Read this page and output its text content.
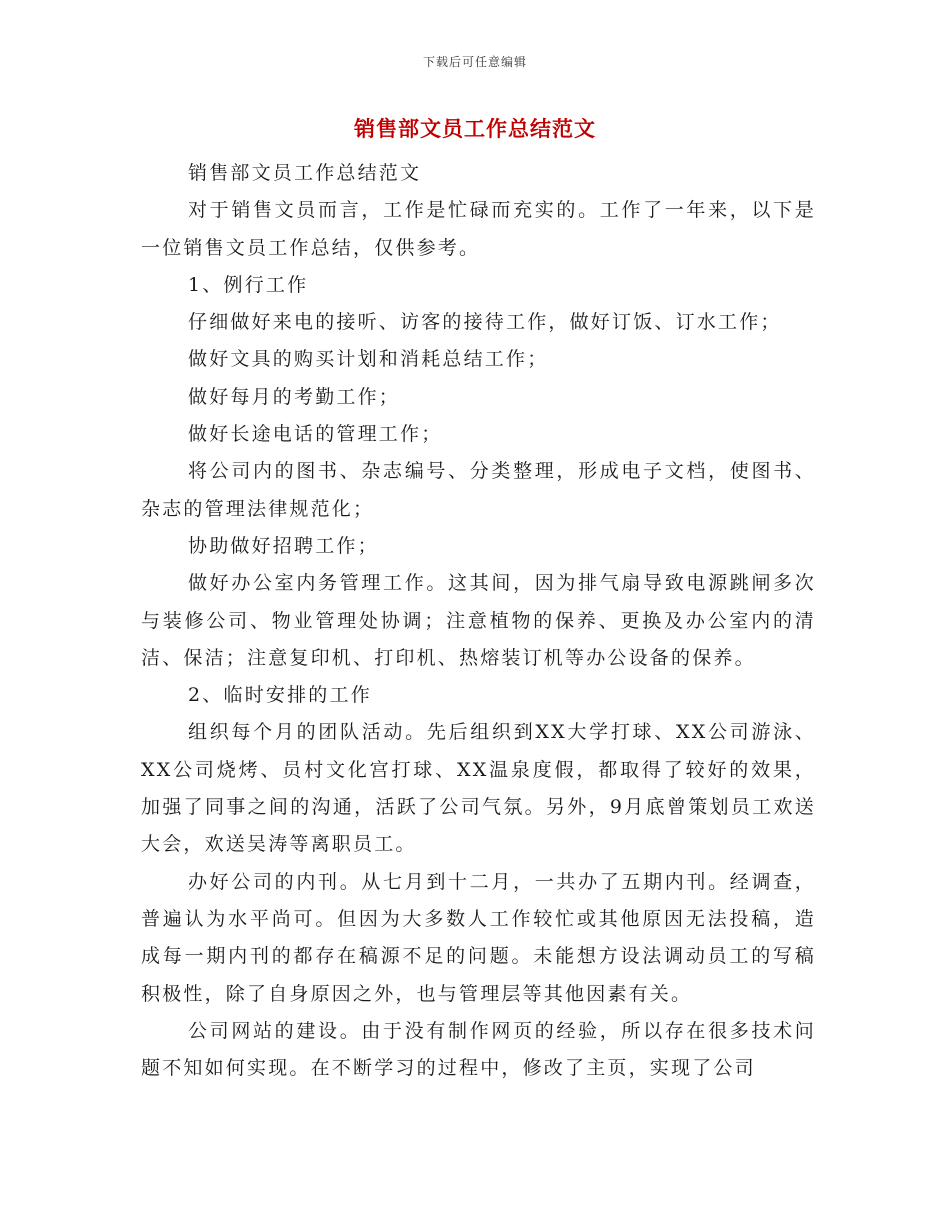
下载后可任意编辑
销售部文员工作总结范文

销售部文员工作总结范文

对于销售文员而言，工作是忙碌而充实的。工作了一年来，以下是一位销售文员工作总结，仅供参考。

1、例行工作

仔细做好来电的接听、访客的接待工作，做好订饭、订水工作；

做好文具的购买计划和消耗总结工作；

做好每月的考勤工作；

做好长途电话的管理工作；

将公司内的图书、杂志编号、分类整理，形成电子文档，使图书、杂志的管理法律规范化；

协助做好招聘工作；

做好办公室内务管理工作。这其间，因为排气扇导致电源跳闸多次与装修公司、物业管理处协调；注意植物的保养、更换及办公室内的清洁、保洁；注意复印机、打印机、热熔装订机等办公设备的保养。

2、临时安排的工作

组织每个月的团队活动。先后组织到XX大学打球、XX公司游泳、XX公司烧烤、员村文化宫打球、XX温泉度假，都取得了较好的效果，加强了同事之间的沟通，活跃了公司气氛。另外，9月底曾策划员工欢送大会，欢送吴涛等离职员工。

办好公司的内刊。从七月到十二月，一共办了五期内刊。经调查，普遍认为水平尚可。但因为大多数人工作较忙或其他原因无法投稿，造成每一期内刊的都存在稿源不足的问题。未能想方设法调动员工的写稿积极性，除了自身原因之外，也与管理层等其他因素有关。

公司网站的建设。由于没有制作网页的经验，所以存在很多技术问题不知如何实现。在不断学习的过程中，修改了主页，实现了公司
